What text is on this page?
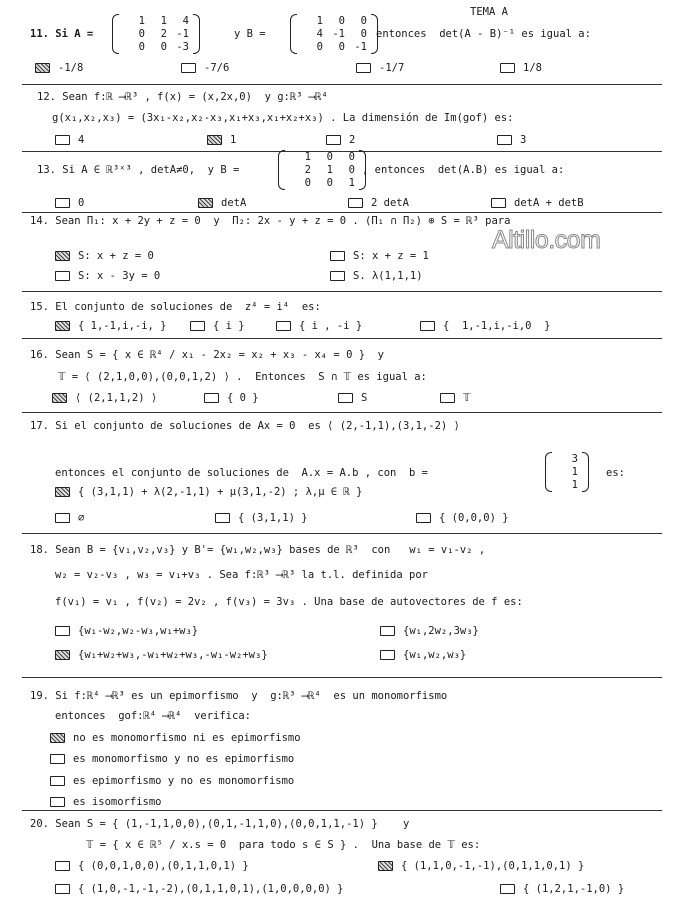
TEMA A
Altillo.com
11. Si A =
1	1	4
0	2 -1
0	0 -3
y B =
1	0	0
4 -1	0
0	0 -1
entonces  det(A - B)⁻¹ es igual a:
-1/8	-7/6	-1/7	1/8
12. Sean f:ℝ ⟶ℝ³ , f(x) = (x,2x,0)  y g:ℝ³ ⟶ℝ⁴
g(x₁,x₂,x₃) = (3x₁-x₂,x₂-x₃,x₁+x₃,x₁+x₂+x₃) . La dimensión de Im(gof) es:
4	1	2	3
13. Si A ∈ ℝ³ˣ³ , detA≠0,  y B =
1	0	0
2	1	0
0	0	1
, entonces  det(A.B) es igual a:
0	detA	2 detA	detA + detB
14. Sean Π₁: x + 2y + z = 0  y  Π₂: 2x - y + z = 0 . (Π₁ ∩ Π₂) ⊕ S = ℝ³ para
S: x + z = 0	S: x + z = 1
S: x - 3y = 0	S. λ(1,1,1)
15. El conjunto de soluciones de  z⁴ = i⁴  es:
{ 1,-1,i,-i, }	{ i }	{ i , -i }	{  1,-1,i,-i,0  }
16. Sean S = { x ∈ ℝ⁴ / x₁ - 2x₂ = x₂ + x₃ - x₄ = 0 }  y
𝕋 = ⟨ (2,1,0,0),(0,0,1,2) ⟩ .  Entonces  S ∩ 𝕋 es igual a:
⟨ (2,1,1,2) ⟩	{ 0 }	S	𝕋
17. Si el conjunto de soluciones de Ax = 0  es ⟨ (2,-1,1),(3,1,-2) ⟩
entonces el conjunto de soluciones de  A.x = A.b , con  b =
3
1
1
es:
{ (3,1,1) + λ(2,-1,1) + μ(3,1,-2) ; λ,μ ∈ ℝ }
∅	{ (3,1,1) }	{ (0,0,0) }
18. Sean B = {v₁,v₂,v₃} y B'= {w₁,w₂,w₃} bases de ℝ³  con   w₁ = v₁-v₂ ,
w₂ = v₂-v₃ , w₃ = v₁+v₃ . Sea f:ℝ³ ⟶ℝ³ la t.l. definida por
f(v₁) = v₁ , f(v₂) = 2v₂ , f(v₃) = 3v₃ . Una base de autovectores de f es:
{w₁-w₂,w₂-w₃,w₁+w₃}	{w₁,2w₂,3w₃}
{w₁+w₂+w₃,-w₁+w₂+w₃,-w₁-w₂+w₃}	{w₁,w₂,w₃}
19. Si f:ℝ⁴ ⟶ℝ³ es un epimorfismo  y  g:ℝ³ ⟶ℝ⁴  es un monomorfismo
entonces  gof:ℝ⁴ ⟶ℝ⁴  verifica:
no es monomorfismo ni es epimorfismo
es monomorfismo y no es epimorfismo
es epimorfismo y no es monomorfismo
es isomorfismo
20. Sean S = { (1,-1,1,0,0),(0,1,-1,1,0),(0,0,1,1,-1) }    y
𝕋 = { x ∈ ℝ⁵ / x.s = 0  para todo s ∈ S } .  Una base de 𝕋 es:
{ (0,0,1,0,0),(0,1,1,0,1) }	{ (1,1,0,-1,-1),(0,1,1,0,1) }
{ (1,0,-1,-1,-2),(0,1,1,0,1),(1,0,0,0,0) }	{ (1,2,1,-1,0) }
